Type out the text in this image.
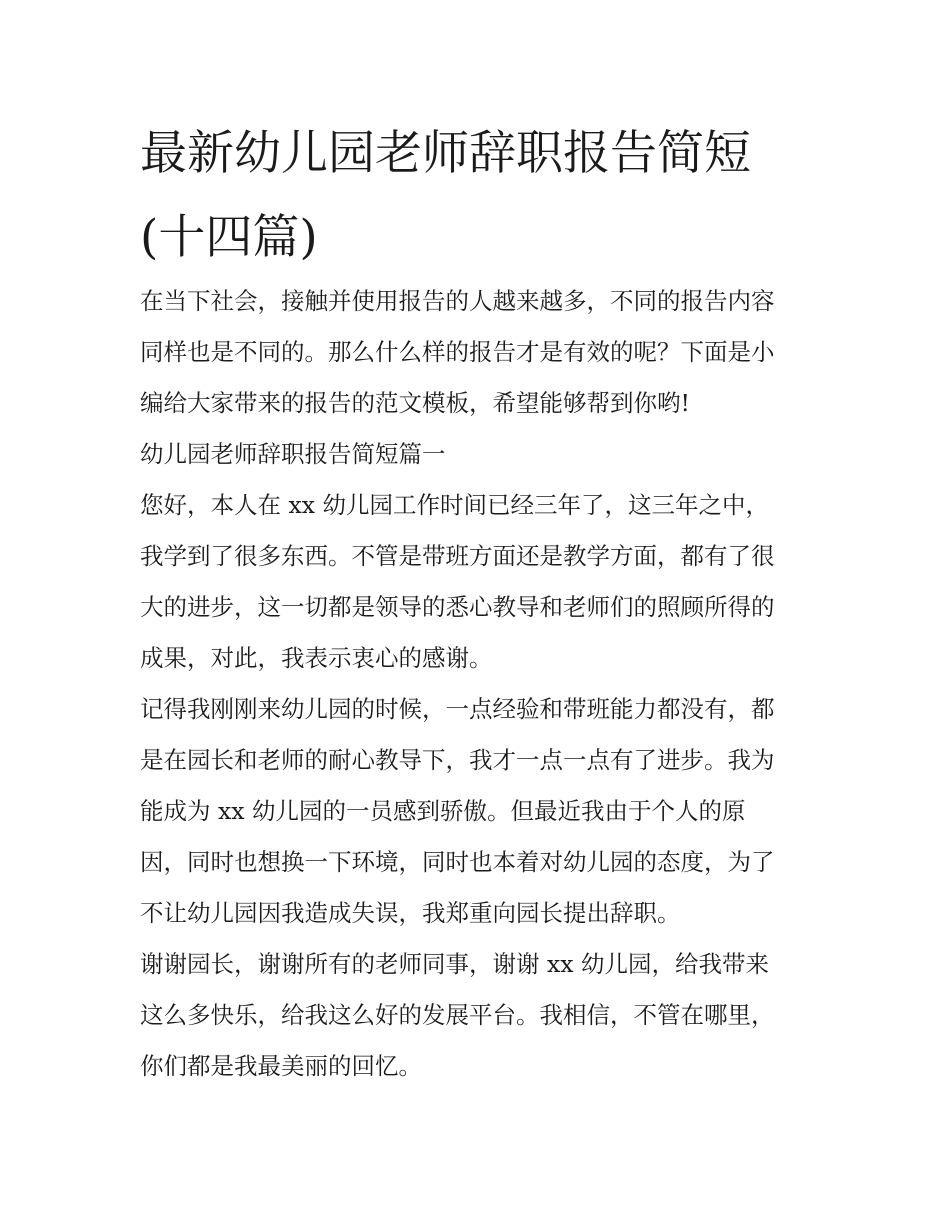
最新幼儿园老师辞职报告简短
(十四篇)
在当下社会，接触并使用报告的人越来越多，不同的报告内容
同样也是不同的。那么什么样的报告才是有效的呢？下面是小
编给大家带来的报告的范文模板，希望能够帮到你哟!
幼儿园老师辞职报告简短篇一
您好，本人在 xx 幼儿园工作时间已经三年了，这三年之中，
我学到了很多东西。不管是带班方面还是教学方面，都有了很
大的进步，这一切都是领导的悉心教导和老师们的照顾所得的
成果，对此，我表示衷心的感谢。
记得我刚刚来幼儿园的时候，一点经验和带班能力都没有，都
是在园长和老师的耐心教导下，我才一点一点有了进步。我为
能成为 xx 幼儿园的一员感到骄傲。但最近我由于个人的原
因，同时也想换一下环境，同时也本着对幼儿园的态度，为了
不让幼儿园因我造成失误，我郑重向园长提出辞职。
谢谢园长，谢谢所有的老师同事，谢谢 xx 幼儿园，给我带来
这么多快乐，给我这么好的发展平台。我相信，不管在哪里，
你们都是我最美丽的回忆。
